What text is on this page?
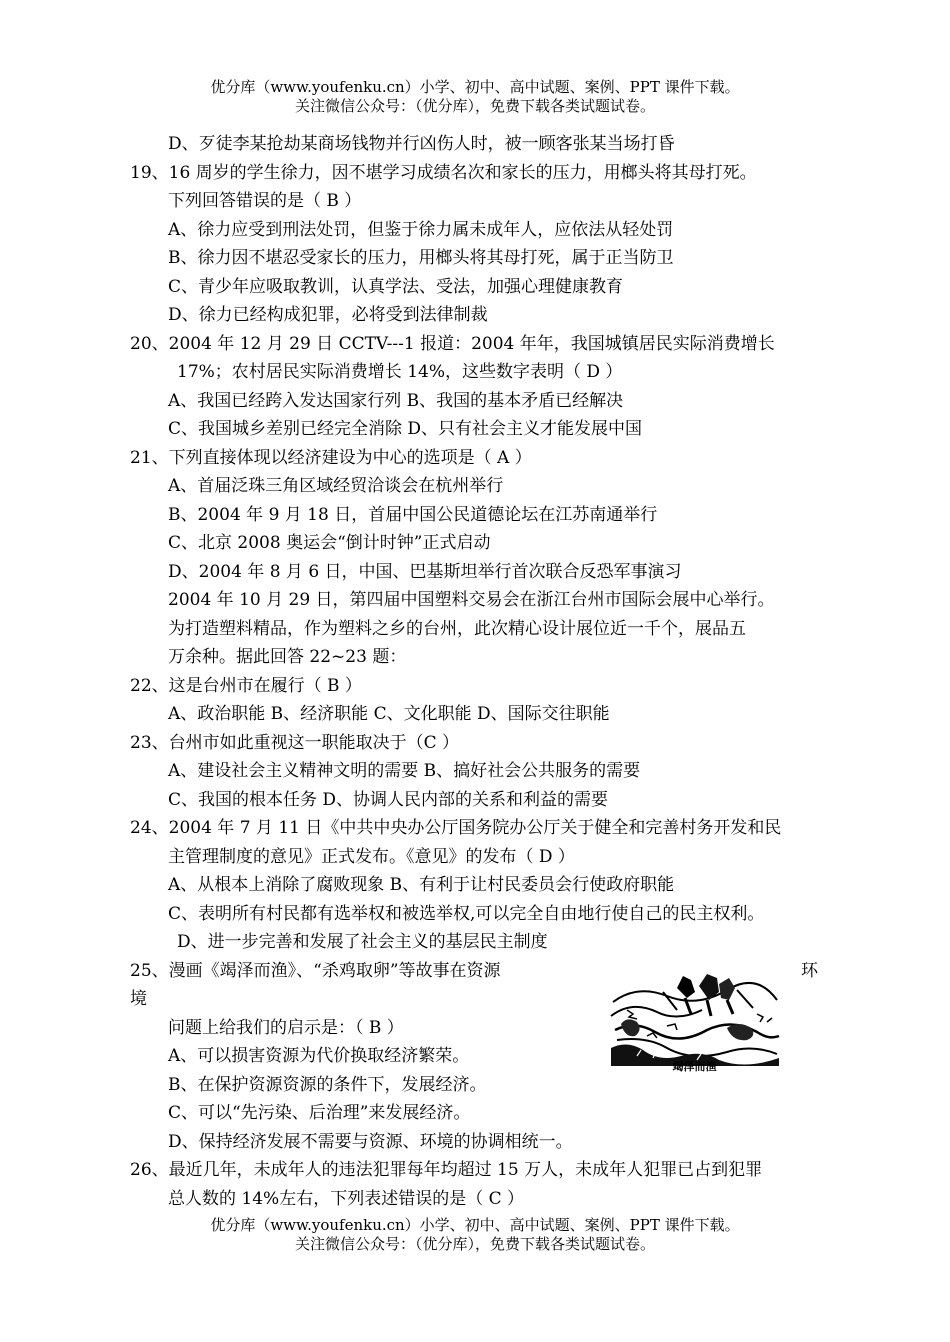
优分库（www.youfenku.cn）小学、初中、高中试题、案例、PPT 课件下载。
关注微信公众号：（优分库），免费下载各类试题试卷。
D、歹徒李某抢劫某商场钱物并行凶伤人时，被一顾客张某当场打昏
19、16 周岁的学生徐力，因不堪学习成绩名次和家长的压力，用榔头将其母打死。
下列回答错误的是（ B ）
A、徐力应受到刑法处罚，但鉴于徐力属未成年人，应依法从轻处罚
B、徐力因不堪忍受家长的压力，用榔头将其母打死，属于正当防卫
C、青少年应吸取教训，认真学法、受法，加强心理健康教育
D、徐力已经构成犯罪，必将受到法律制裁
20、2004 年 12 月 29 日 CCTV---1 报道：2004 年年，我国城镇居民实际消费增长
17%；农村居民实际消费增长 14%，这些数字表明（ D ）
A、我国已经跨入发达国家行列 B、我国的基本矛盾已经解决
C、我国城乡差别已经完全消除 D、只有社会主义才能发展中国
21、下列直接体现以经济建设为中心的选项是（ A ）
A、首届泛珠三角区域经贸洽谈会在杭州举行
B、2004 年 9 月 18 日，首届中国公民道德论坛在江苏南通举行
C、北京 2008 奥运会“倒计时钟”正式启动
D、2004 年 8 月 6 日，中国、巴基斯坦举行首次联合反恐军事演习
2004 年 10 月 29 日，第四届中国塑料交易会在浙江台州市国际会展中心举行。
为打造塑料精品，作为塑料之乡的台州，此次精心设计展位近一千个，展品五
万余种。据此回答 22~23 题：
22、这是台州市在履行（ B ）
A、政治职能 B、经济职能 C、文化职能 D、国际交往职能
23、台州市如此重视这一职能取决于（C ）
A、建设社会主义精神文明的需要 B、搞好社会公共服务的需要
C、我国的根本任务 D、协调人民内部的关系和利益的需要
24、2004 年 7 月 11 日《中共中央办公厅国务院办公厅关于健全和完善村务开发和民
主管理制度的意见》正式发布。《意见》的发布（ D ）
A、从根本上消除了腐败现象 B、有利于让村民委员会行使政府职能
C、表明所有村民都有选举权和被选举权,可以完全自由地行使自己的民主权利。
D、进一步完善和发展了社会主义的基层民主制度
25、漫画《竭泽而渔》、“杀鸡取卵”等故事在资源	环
境
问题上给我们的启示是：（ B ）
A、可以损害资源为代价换取经济繁荣。
B、在保护资源资源的条件下，发展经济。
C、可以“先污染、后治理”来发展经济。
D、保持经济发展不需要与资源、环境的协调相统一。
26、最近几年，未成年人的违法犯罪每年均超过 15 万人，未成年人犯罪已占到犯罪
总人数的 14%左右，下列表述错误的是（ C ）
竭泽而渔
优分库（www.youfenku.cn）小学、初中、高中试题、案例、PPT 课件下载。
关注微信公众号：（优分库），免费下载各类试题试卷。
